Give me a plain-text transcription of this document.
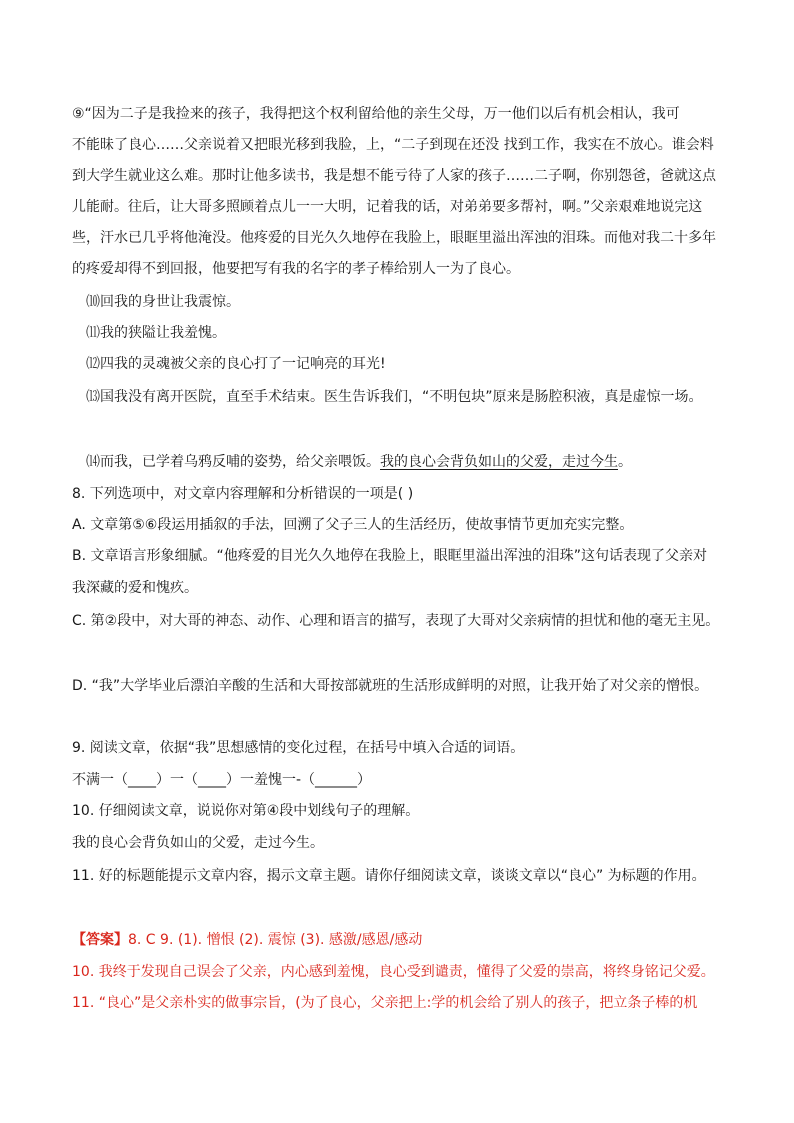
⑨“因为二子是我捡来的孩子，我得把这个权利留给他的亲生父母，万一他们以后有机会相认，我可
不能昧了良心……父亲说着又把眼光移到我脸，上，“二子到现在还没 找到工作，我实在不放心。谁会料
到大学生就业这么难。那时让他多读书，我是想不能亏待了人家的孩子……二子啊，你别怨爸，爸就这点
儿能耐。往后，让大哥多照顾着点儿一一大明，记着我的话，对弟弟要多帮衬，啊。”父亲艰难地说完这
些，汗水已几乎将他淹没。他疼爱的目光久久地停在我脸上，眼眶里溢出浑浊的泪珠。而他对我二十多年
的疼爱却得不到回报，他要把写有我的名字的孝子棒给别人一为了良心。
⑽回我的身世让我震惊。
⑾我的狭隘让我羞愧。
⑿四我的灵魂被父亲的良心打了一记响亮的耳光!
⒀国我没有离开医院，直至手术结束。医生告诉我们，“不明包块”原来是肠腔积液，真是虚惊一场。
⒁而我，已学着乌鸦反哺的姿势，给父亲喂饭。我的良心会背负如山的父爱，走过今生。
8. 下列选项中，对文章内容理解和分析错误的一项是( )
A. 文章第⑤⑥段运用插叙的手法，回溯了父子三人的生活经历，使故事情节更加充实完整。
B. 文章语言形象细腻。“他疼爱的目光久久地停在我脸上，眼眶里溢出浑浊的泪珠”这句话表现了父亲对
我深藏的爱和愧疚。
C. 第②段中，对大哥的神态、动作、心理和语言的描写，表现了大哥对父亲病情的担忧和他的毫无主见。
D. “我”大学毕业后漂泊辛酸的生活和大哥按部就班的生活形成鲜明的对照，让我开始了对父亲的憎恨。
9. 阅读文章，依据“我”思想感情的变化过程，在括号中填入合适的词语。
不满一（____）一（____）一羞愧一-（______）
10. 仔细阅读文章，说说你对第④段中划线句子的理解。
我的良心会背负如山的父爱，走过今生。
11. 好的标题能提示文章内容，揭示文章主题。请你仔细阅读文章，谈谈文章以“良心” 为标题的作用。
【答案】8. C 9. (1). 憎恨 (2). 震惊 (3). 感激/感恩/感动
10. 我终于发现自己误会了父亲，内心感到羞愧，良心受到谴责，懂得了父爱的崇高，将终身铭记父爱。
11. “良心”是父亲朴实的做事宗旨，(为了良心，父亲把上:学的机会给了别人的孩子，把立条子棒的机
